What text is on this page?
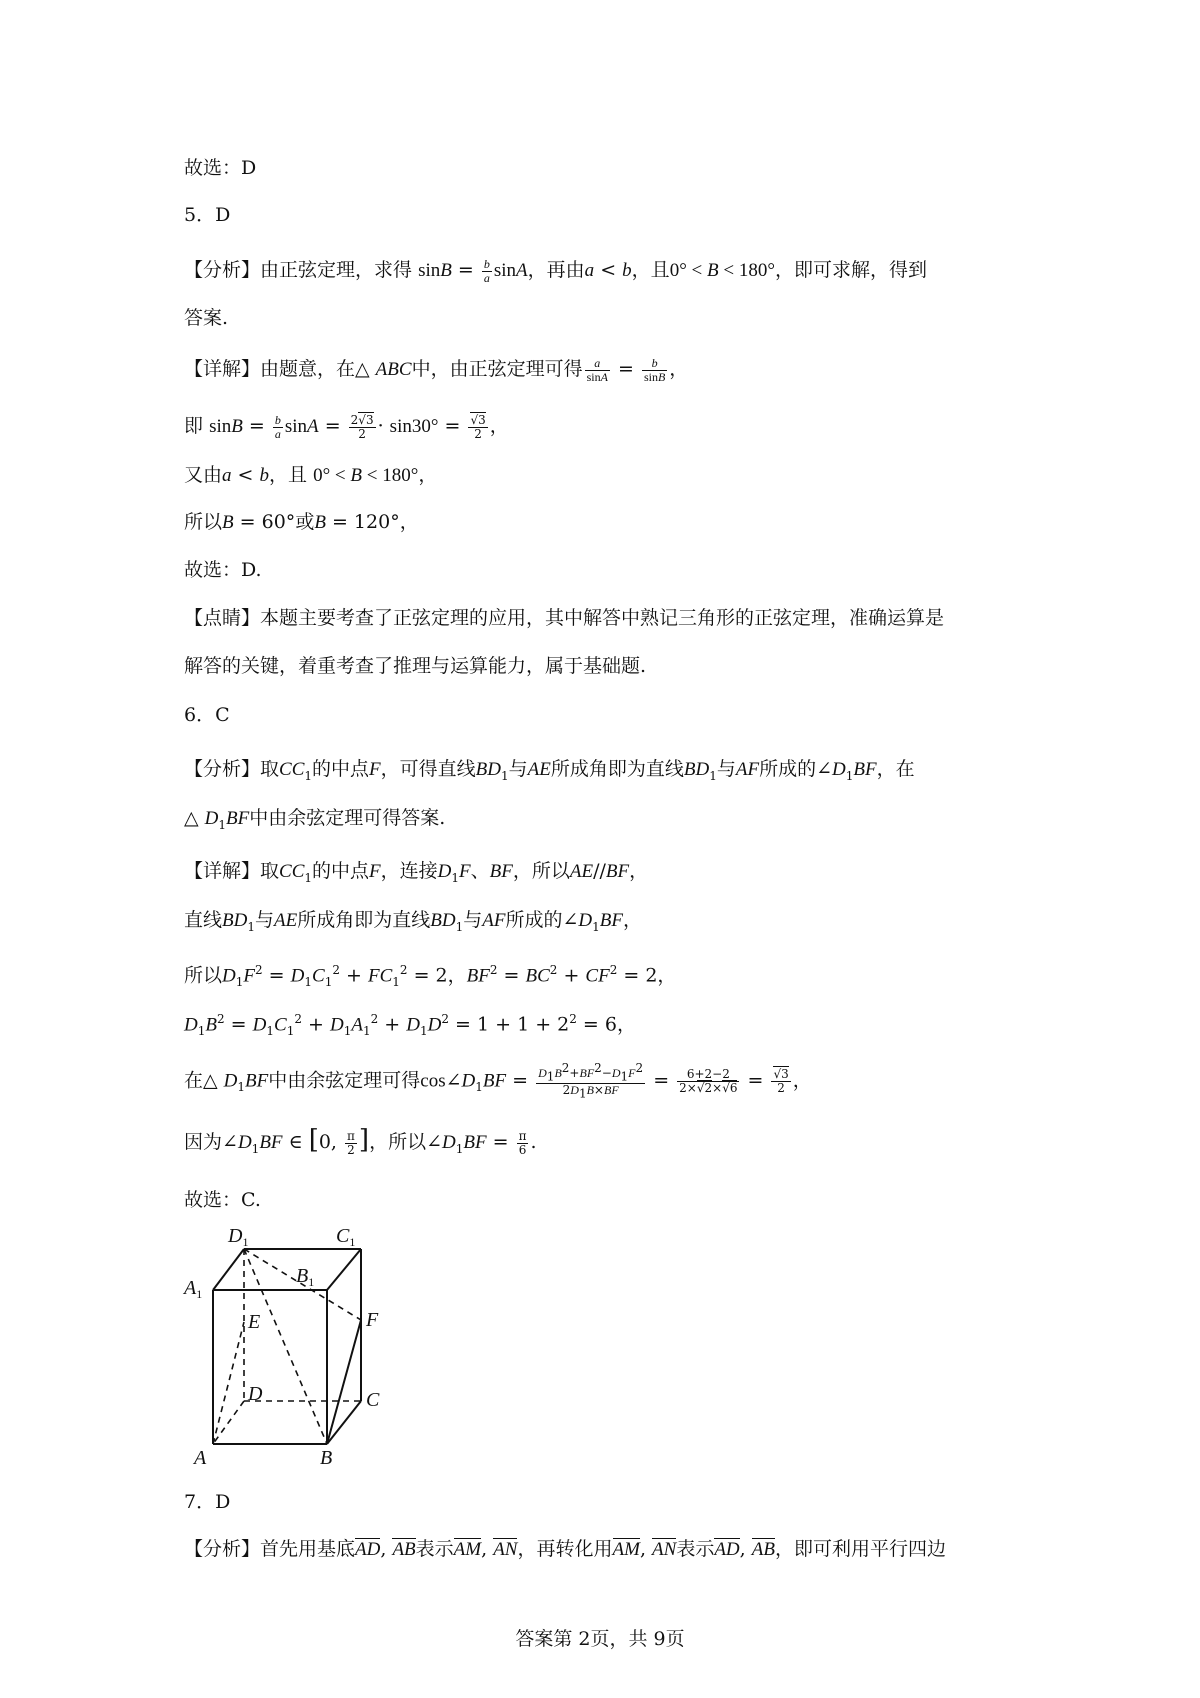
故选：D
5．D
【分析】由正弦定理，求得 $\sin B = \frac{b}{a}$ sinA，再由a < b，且0° < B < 180°，即可求解，得到
答案.
【详解】由题意，在△ ABC中，由正弦定理可得 $\frac{a}{\sin A} = \frac{b}{\sin B}$ ，
即 $\sin B = \frac{b}{a}$ $\sin A = \frac{2√3}{2} \cdot \sin 30^\circ = \frac{√3}{2}$ ，
又由a < b，且 0° < B < 180°，
所以B = 60°或B = 120°，
故选：D.
【点睛】本题主要考查了正弦定理的应用，其中解答中熟记三角形的正弦定理，准确运算是
解答的关键，着重考查了推理与运算能力，属于基础题.
6．C
【分析】取$CC_1$的中点F，可得直线$BD_1$与AE所成角即为直线$BD_1$与AF所成的$\angle D_1BF$，在
△ $D_1BF$中由余弦定理可得答案.
【详解】取$CC_1$的中点F，连接$D_1F$、BF，所以AE//BF，
直线$BD_1$与AE所成角即为直线$BD_1$与AF所成的$\angle D_1BF$，
所以$D_1F^2 = D_1C_1^2 + FC_1^2 = 2$，$BF^2 = BC^2 + CF^2 = 2$，
$D_1B^2 = D_1C_1^2 + D_1A_1^2 + D_1D^2 = 1 + 1 + 2^2 = 6$，
在△ $D_1BF$中由余弦定理可得$\cos\angle D_1BF = \frac{D_1B^2+BF^2-D_1F^2}{2D_1B\times BF} = \frac{6+2-2}{2\times√2\times√6} = \frac{√3}{2}$ ，
因为$\angle D_1BF$ ∈ [0, $\frac{\pi}{2}$ ]，所以$\angle D_1BF = \frac{\pi}{6}$ .
故选：C.
$D_1$	$C_1$
$A_1$
$B_1$
E	F
D	C
A	B
7．D
【分析】首先用基底AD, AB表示AM, AN，再转化用AM, AN表示AD, AB，即可利用平行四边
答案第 2页，共 9页
